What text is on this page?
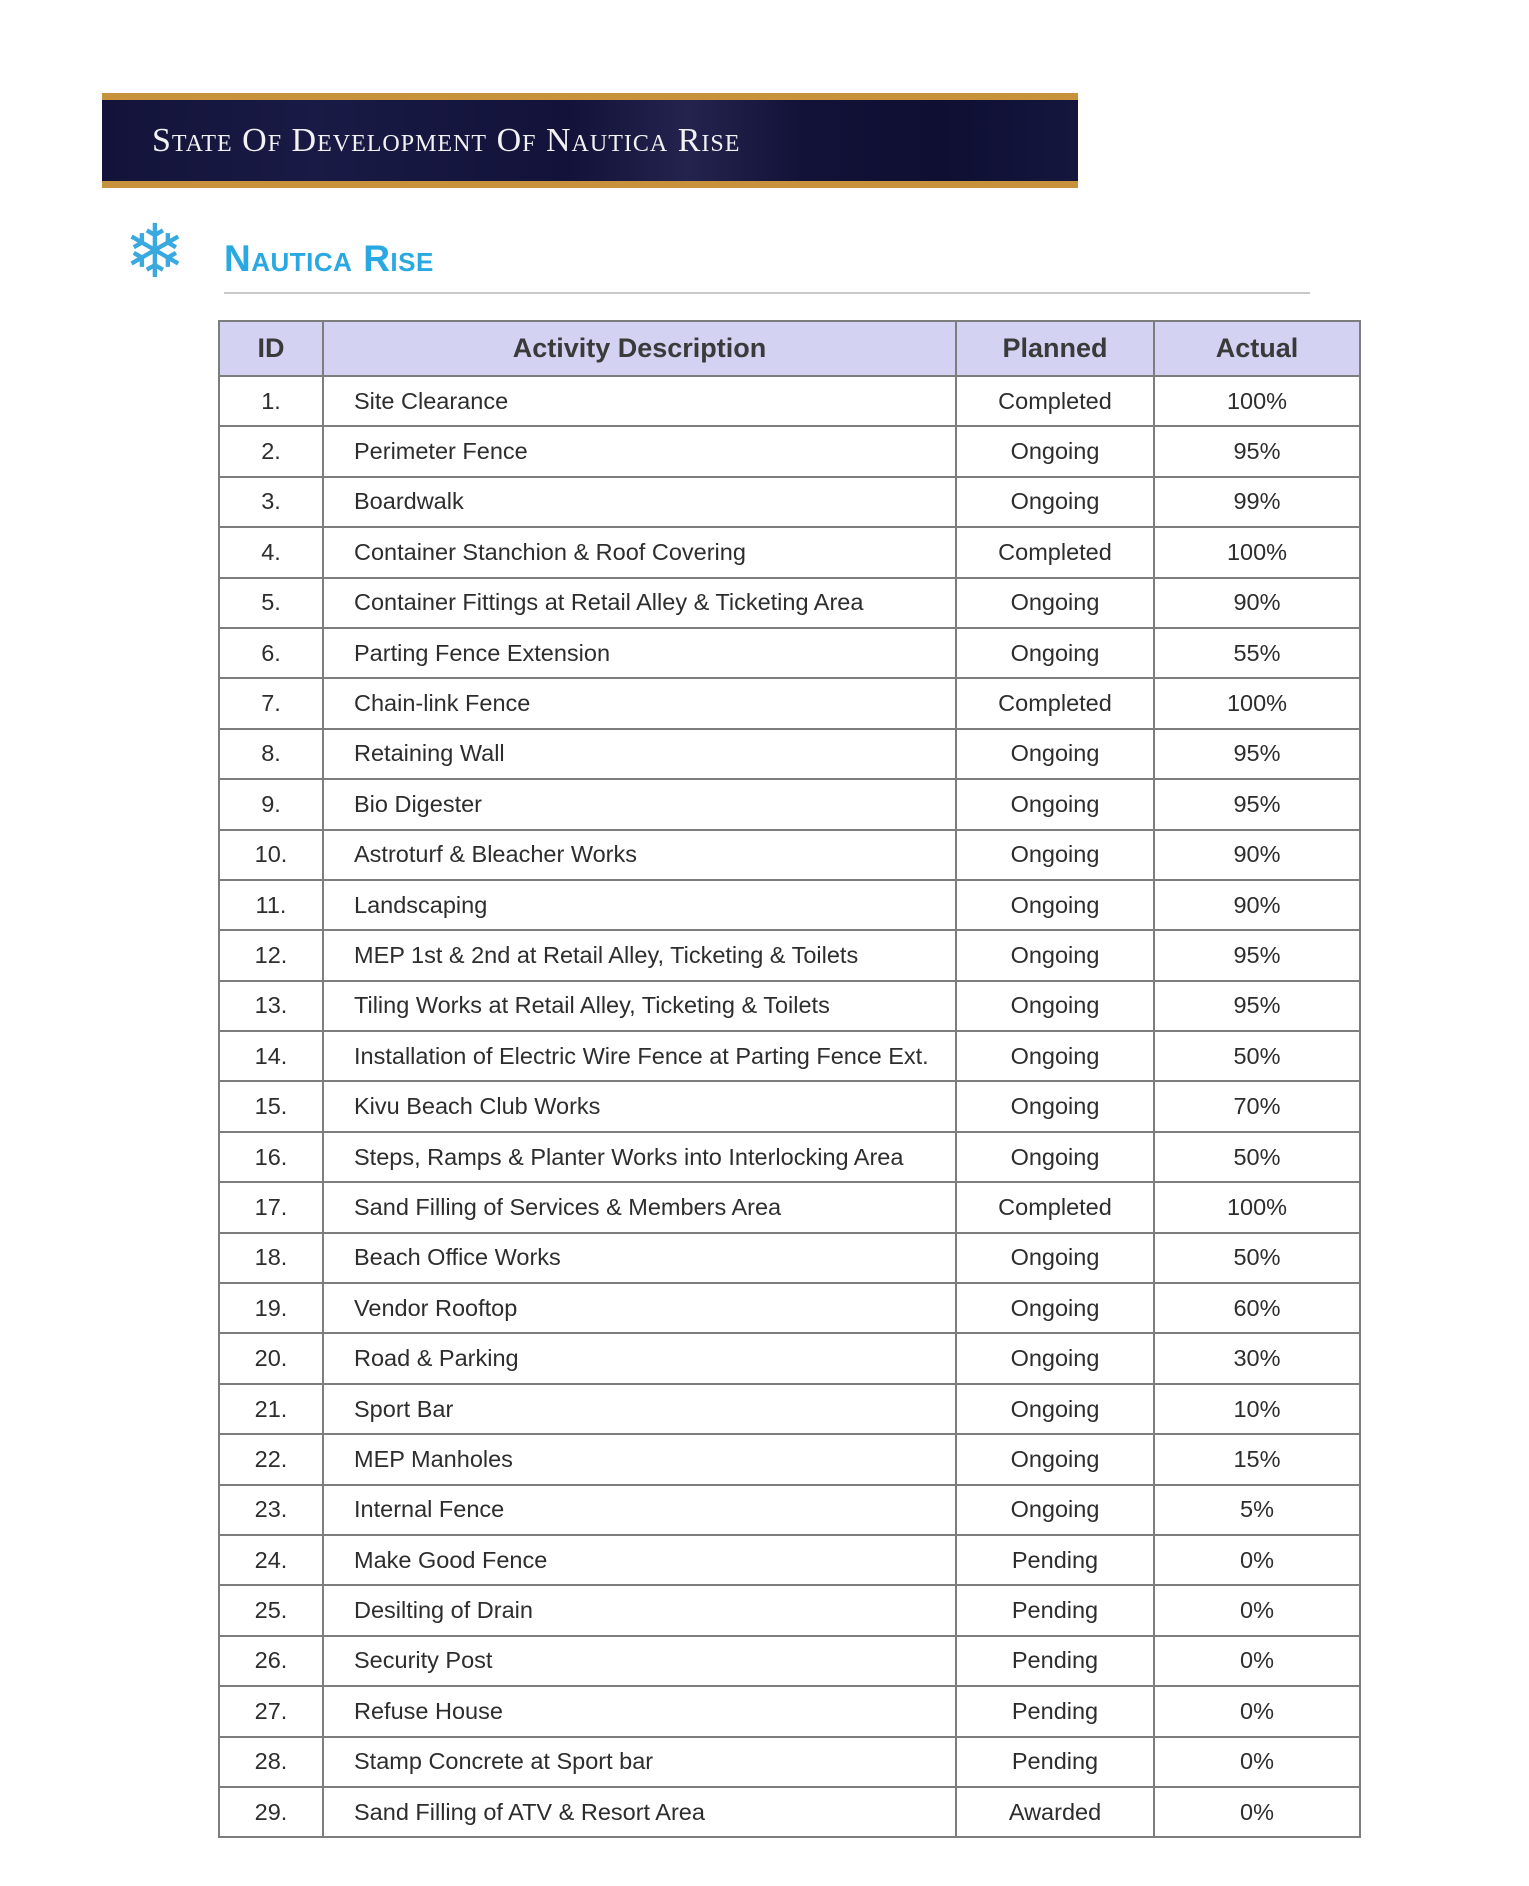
State Of Development Of Nautica Rise
❄ Nautica Rise
ID	Activity Description	Planned	Actual
1.	Site Clearance	Completed	100%
2.	Perimeter Fence	Ongoing	95%
3.	Boardwalk	Ongoing	99%
4.	Container Stanchion & Roof Covering	Completed	100%
5.	Container Fittings at Retail Alley & Ticketing Area	Ongoing	90%
6.	Parting Fence Extension	Ongoing	55%
7.	Chain-link Fence	Completed	100%
8.	Retaining Wall	Ongoing	95%
9.	Bio Digester	Ongoing	95%
10.	Astroturf & Bleacher Works	Ongoing	90%
11.	Landscaping	Ongoing	90%
12.	MEP 1st & 2nd at Retail Alley, Ticketing & Toilets	Ongoing	95%
13.	Tiling Works at Retail Alley, Ticketing & Toilets	Ongoing	95%
14.	Installation of Electric Wire Fence at Parting Fence Ext.	Ongoing	50%
15.	Kivu Beach Club Works	Ongoing	70%
16.	Steps, Ramps & Planter Works into Interlocking Area	Ongoing	50%
17.	Sand Filling of Services & Members Area	Completed	100%
18.	Beach Office Works	Ongoing	50%
19.	Vendor Rooftop	Ongoing	60%
20.	Road & Parking	Ongoing	30%
21.	Sport Bar	Ongoing	10%
22.	MEP Manholes	Ongoing	15%
23.	Internal Fence	Ongoing	5%
24.	Make Good Fence	Pending	0%
25.	Desilting of Drain	Pending	0%
26.	Security Post	Pending	0%
27.	Refuse House	Pending	0%
28.	Stamp Concrete at Sport bar	Pending	0%
29.	Sand Filling of ATV & Resort Area	Awarded	0%
